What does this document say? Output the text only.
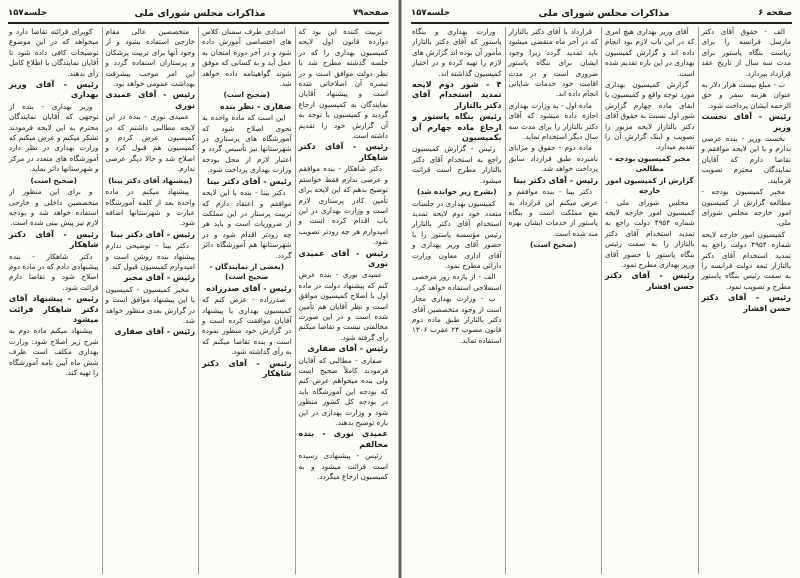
صفحه۷۹
مذاکرات مجلس شورای ملی
جلسه۱۵۷

تربیت کننده این بود که دوازده قانون اول لایحه کمیسیون بهداری را که در جلسه گذشته مطرح شد با نظر دولت موافق است و در تبصره آن اصلاحاتی شده است و پیشنهاد آقایان نمایندگان به کمیسیون ارجاع گردید و کمیسیون با توجه به آن گزارش خود را تقدیم داشته است.

رئیس - آقای دکتر شاهکار

دکتر شاهکار - بنده موافقم و عرضی ندارم فقط خواستم توضیح بدهم که این لایحه برای تأمین کادر پرستاری لازم است و وزارت بهداری در این باب اقدام کرده است و امیدوارم هر چه زودتر تصویب شود.

رئیس - آقای عمیدی نوری

عمیدی نوری - بنده عرض کنم که پیشنهاد دولت در ماده اول با اصلاح کمیسیون موافق است و نظر آقایان هم تأمین شده است و در این صورت مخالفتی نیست و تقاضا میکنم رأی گرفته شود.

رئیس - آقای صفاری

صفاری - مطالبی که آقایان فرمودند کاملاً صحیح است ولی بنده میخواهم عرض کنم که بودجه این آموزشگاه باید در بودجه کل کشور منظور شود و وزارت بهداری در این باره توضیح بدهند.

عمیدی نوری - بنده مخالفم

رئیس - پیشنهادی رسیده است قرائت میشود و به کمیسیون ارجاع میگردد.

امدادی طرف سمنان کلاس های اختصاصی آموزش داده شود و در آخر دوره امتحان به عمل آید و به کسانی که موفق شوند گواهینامه داده خواهد شد.

(صحیح است)

صفاری - نظر بنده

این است که ماده واحده به نحوی اصلاح شود که آموزشگاه های پرستاری در شهرستانها نیز تأسیس گردد و اعتبار لازم از محل بودجه وزارت بهداری پرداخت شود.

رئیس - آقای دکتر بینا

دکتر بینا - بنده با این لایحه موافقم و اعتقاد دارم که تربیت پرستار در این مملکت از ضروریات است و باید هر چه زودتر اقدام شود و در شهرستانها هم آموزشگاه دائر گردد.

(بعضی از نمایندگان - صحیح است)

رئیس - آقای صدرزاده

صدرزاده - عرض کنم که کمیسیون بهداری با پیشنهاد آقایان موافقت کرده است و در گزارش خود منظور نموده است و بنده تقاضا میکنم که به رأی گذاشته شود.

رئیس - آقای دکتر شاهکار

متخصصین عالی مقام خارجی استفاده بشود و از وجود آنها برای تربیت پزشکان و پرستاران استفاده گردد و این امر موجب پیشرفت بهداشت عمومی خواهد بود.

رئیس - آقای عمیدی نوری

عمیدی نوری - بنده در این لایحه مطالبی داشتم که در کمیسیون عرض کردم و کمیسیون هم قبول کرد و اصلاح شد و حالا دیگر عرضی ندارم.

(پیشنهاد آقای دکتر بینا)

پیشنهاد میکنم در ماده واحده بعد از کلمه آموزشگاه عبارت و شهرستانها اضافه شود.

رئیس - آقای دکتر بینا

دکتر بینا - توضیحی ندارم پیشنهاد بنده روشن است و امیدوارم کمیسیون قبول کند.

رئیس - آقای مخبر

مخبر کمیسیون - کمیسیون با این پیشنهاد موافق است و در گزارش بعدی منظور خواهد شد.

رئیس - آقای صفاری

کوپرای قرائته تقاضا دارد و میخواهد که در این موضوع توضیحات کافی داده شود تا آقایان نمایندگان با اطلاع کامل رأی بدهند.

رئیس - آقای وزیر بهداری

وزیر بهداری - بنده از توجهی که آقایان نمایندگان محترم به این لایحه فرمودند تشکر میکنم و عرض میکنم که وزارت بهداری در نظر دارد آموزشگاه های متعدد در مرکز و شهرستانها دائر نماید.

(صحیح است)

و برای این منظور از متخصصین داخلی و خارجی استفاده خواهد شد و بودجه لازم نیز پیش بینی شده است.

رئیس - آقای دکتر شاهکار

دکتر شاهکار - بنده پیشنهادی دادم که در ماده دوم اصلاح شود و تقاضا دارم قرائت شود.

رئیس - پیشنهاد آقای دکتر شاهکار قرائت میشود

پیشنهاد میکنم ماده دوم به شرح زیر اصلاح شود: وزارت بهداری مکلف است ظرف شش ماه آیین نامه آموزشگاه را تهیه کند.

صفحه ۶
مذاکرات مجلس شورای ملی
جلسه۱۵۷

الف - حقوق آقای دکتر مارسل فرانسه را برای ریاست بنگاه پاستور برای مدت سه سال از تاریخ عقد قرارداد بپردازد.

ب - مبلغ بیست هزار دلار به عنوان هزینه سفر و حق الزحمه ایشان پرداخت شود.

رئیس - آقای نخست وزیر

نخست وزیر - بنده عرضی ندارم و با این لایحه موافقم و تقاضا دارم که آقایان نمایندگان محترم تصویب فرمایند.

مخبر کمیسیون بودجه - مطالعه گزارش از کمیسیون امور خارجه مجلس شورای ملی.

کمیسیون امور خارجه لایحه شماره ۴۹۵۴ دولت راجع به تمدید استخدام آقای دکتر بالتازار تبعه دولت فرانسه را به سمت رئیس بنگاه پاستور مطرح و تصویب نمود.

رئیس - آقای دکتر حسن افشار

آقای وزیر بهداری هیچ امری که در این باب لازم بود انجام داده اند و گزارش کمیسیون بهداری در این باره تقدیم شده است.

گزارش کمیسیون بهداری مورد توجه واقع و کمیسیون با ابقای ماده چهارم گزارش شور اول نسبت به حقوق آقای دکتر بالتازار لایحه مزبور را تصویب و اینک گزارش آن را تقدیم میدارد.

مخبر کمیسیون بودجه - مطالعی

گزارش از کمیسیون امور خارجه

مجلس شورای ملی - کمیسیون امور خارجه لایحه شماره ۴۹۵۴ دولت راجع به تمدید استخدام آقای دکتر بالتازار را به سمت رئیس بنگاه پاستور با حضور آقای وزیر بهداری مطرح نمود.

رئیس - آقای دکتر حسن افشار

قرارداد با آقای دکتر بالتازار که در آخر ماه منقضی میشود باید تمدید گردد زیرا وجود ایشان برای بنگاه پاستور ضروری است و در مدت اقامت خود خدمات شایانی انجام داده اند.

ماده اول - به وزارت بهداری اجازه داده میشود که آقای دکتر بالتازار را برای مدت سه سال دیگر استخدام نماید.

ماده دوم - حقوق و مزایای نامبرده طبق قرارداد سابق پرداخت خواهد شد.

رئیس - آقای دکتر بینا

دکتر بینا - بنده موافقم و عرض میکنم این قرارداد به نفع مملکت است و بنگاه پاستور از خدمات ایشان بهره مند شده است.

(صحیح است)

وزارت بهداری و بنگاه پاستور که آقای دکتر بالتازار مأمور آن بوده اند گزارش های لازم را تهیه کرده و در اختیار کمیسیون گذاشته اند.

۴ - شور دوم لایحه تمدید استخدام آقای دکتر بالتازار

رئیس بنگاه پاستور و ارجاع ماده چهارم آن بکمیسیون

رئیس - گزارش کمیسیون راجع به استخدام آقای دکتر بالتازار مطرح است قرائت میشود.

(بشرح زیر خوانده شد)

کمیسیون بهداری در جلسات متعدد خود دوم لایحه تمدید استخدام آقای دکتر بالتازار رئیس مؤسسه پاستور را با حضور آقای وزیر بهداری و آقای اداری معاون وزارت دارائی مطرح نمود.

الف - از یازده روز مرخصی استعلاجی استفاده خواهد کرد.

ب - وزارت بهداری مجاز است از وجود متخصصین آقای دکتر بالتازار طبق ماده دوم قانون مصوب ۲۴ عقرب ۱۳۰۶ استفاده نماید.
